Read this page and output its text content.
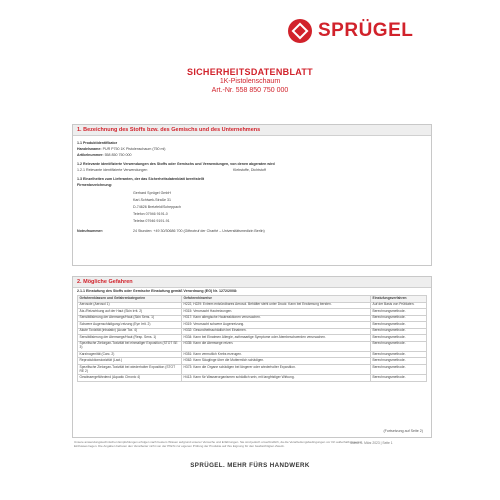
SPRÜGEL
SICHERHEITSDATENBLATT
1K-Pistolenschaum
Art.-Nr. 558 850 750 000
1. Bezeichnung des Stoffs bzw. des Gemischs und des Unternehmens
1.1 Produktidentifikator
Handelsname: PUR P750 1K Pistolenschaum (750 ml)
Artikelnummer: 558 850 750 000
1.2 Relevante identifizierte Verwendungen des Stoffs oder Gemischs und Verwendungen, von denen abgeraten wird
1.2.1 Relevante identifizierte Verwendungen	Klebstoffe, Dichtstoff
1.3 Einzelheiten zum Lieferanten, der das Sicherheitsdatenblatt bereitstellt
Firmenbezeichnung:
Gerhard Sprügel GmbH
Karl-Schiwek-Straße 31
D-74626 Bretzfeld/Scheppach
Telefon 07946 9191-0
Telefax 07946 9191-91
Notrufnummer:	24 Stunden: +49 30/30686 700 (Giftnotruf der Charité – Universitätsmedizin Berlin)
2. Mögliche Gefahren
2.1.1 Einstufung des Stoffs oder Gemische Einstufung gemäß Verordnung (EG) Nr. 1272/2008:
Gefahrenklassen und Gefahrenkategorien	Gefahrenhinweise	Einstufungsverfahren
Aerosole (Aerosol 1)	H222, H229: Extrem entzündbares Aerosol. Behälter steht unter Druck: Kann bei Erwärmung bersten.	Auf der Basis von Prüfdaten.
Ätz-/Reizwirkung auf der Haut (Skin Irrit. 2)	H315: Verursacht Hautreizungen.	Berechnungsmethode.
Sensibilisierung der Atemwege/Haut (Skin Sens. 1)	H317: Kann allergische Hautreaktionen verursachen.	Berechnungsmethode.
Schwere Augenschädigung/-reizung (Eye Irrit. 2)	H319: Verursacht schwere Augenreizung.	Berechnungsmethode.
Akute Toxizität (inhalativ) (Acute Tox. 4)	H332: Gesundheitsschädlich bei Einatmen.	Berechnungsmethode.
Sensibilisierung der Atemwege/Haut (Resp. Sens. 1)	H334: Kann bei Einatmen Allergie, asthmaartige Symptome oder Atembeschwerden verursachen.	Berechnungsmethode.
Spezifische Zielorgan-Toxizität bei einmaliger Exposition (STOT SE 3)	H335: Kann die Atemwege reizen.	Berechnungsmethode.
Karzinogenität (Carc. 2)	H351: Kann vermutlich Krebs erzeugen.	Berechnungsmethode.
Reproduktionstoxizität (Lact.)	H362: Kann Säuglinge über die Muttermilch schädigen.	Berechnungsmethode.
Spezifische Zielorgan-Toxizität bei wiederholter Exposition (STOT RE 2)	H373: Kann die Organe schädigen bei längerer oder wiederholter Exposition.	Berechnungsmethode.
Gewässergefährdend (Aquatic Chronic 4)	H413: Kann für Wasserorganismen schädlich sein, mit langfristiger Wirkung.	Berechnungsmethode.
(Fortsetzung auf Seite 2)
Unsere anwendungstechnischen Empfehlungen erfolgen nach bestem Wissen aufgrund unserer Versuche und Erfahrungen. Sie sind jedoch unverbindlich, da die Verarbeitungsbedingungen vor Ort außerhalb unseres Einflusses liegen. Die Angaben befreien den Verarbeiter nicht von der Pflicht zur eigenen Prüfung der Produkte auf ihre Eignung für den beabsichtigten Zweck.
Stand: 8. März 2023 | Seite 1
SPRÜGEL. MEHR FÜRS HANDWERK
